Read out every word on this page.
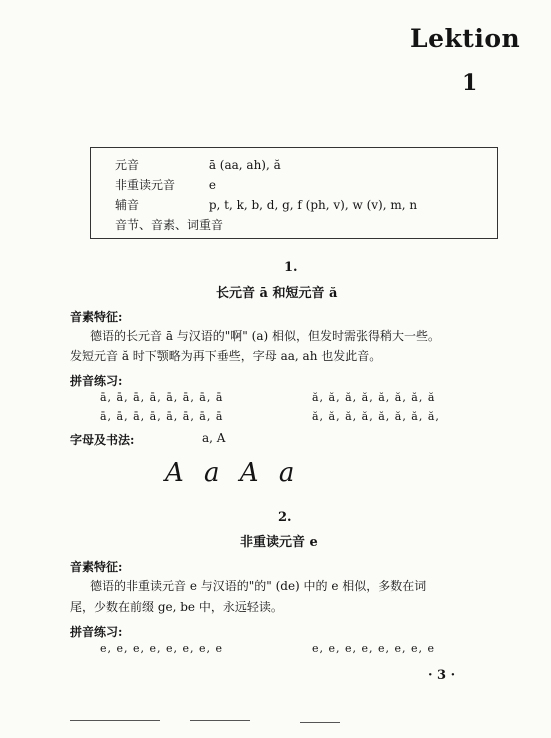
Lektion
1
元音	ā (aa, ah), ă
非重读元音	e
辅音	p, t, k, b, d, g, f (ph, v), w (v), m, n
音节、音素、词重音
1.
长元音 ā 和短元音 ă
音素特征:
德语的长元音 ā 与汉语的"啊" (a) 相似，但发时需张得稍大一些。
发短元音 ă 时下颚略为再下垂些，字母 aa, ah 也发此音。
拼音练习:
ā, ā, ā, ā, ā, ā, ā, ā	ă, ă, ă, ă, ă, ă, ă, ă
ā, ā, ā, ā, ā, ā, ā, ā	ă, ă, ă, ă, ă, ă, ă, ă,
字母及书法:	a, A
A a A a
2.
非重读元音 e
音素特征:
德语的非重读元音 e 与汉语的"的" (de) 中的 e 相似，多数在词
尾，少数在前缀 ge, be 中，永远轻读。
拼音练习:
e, e, e, e, e, e, e, e	e, e, e, e, e, e, e, e
· 3 ·
